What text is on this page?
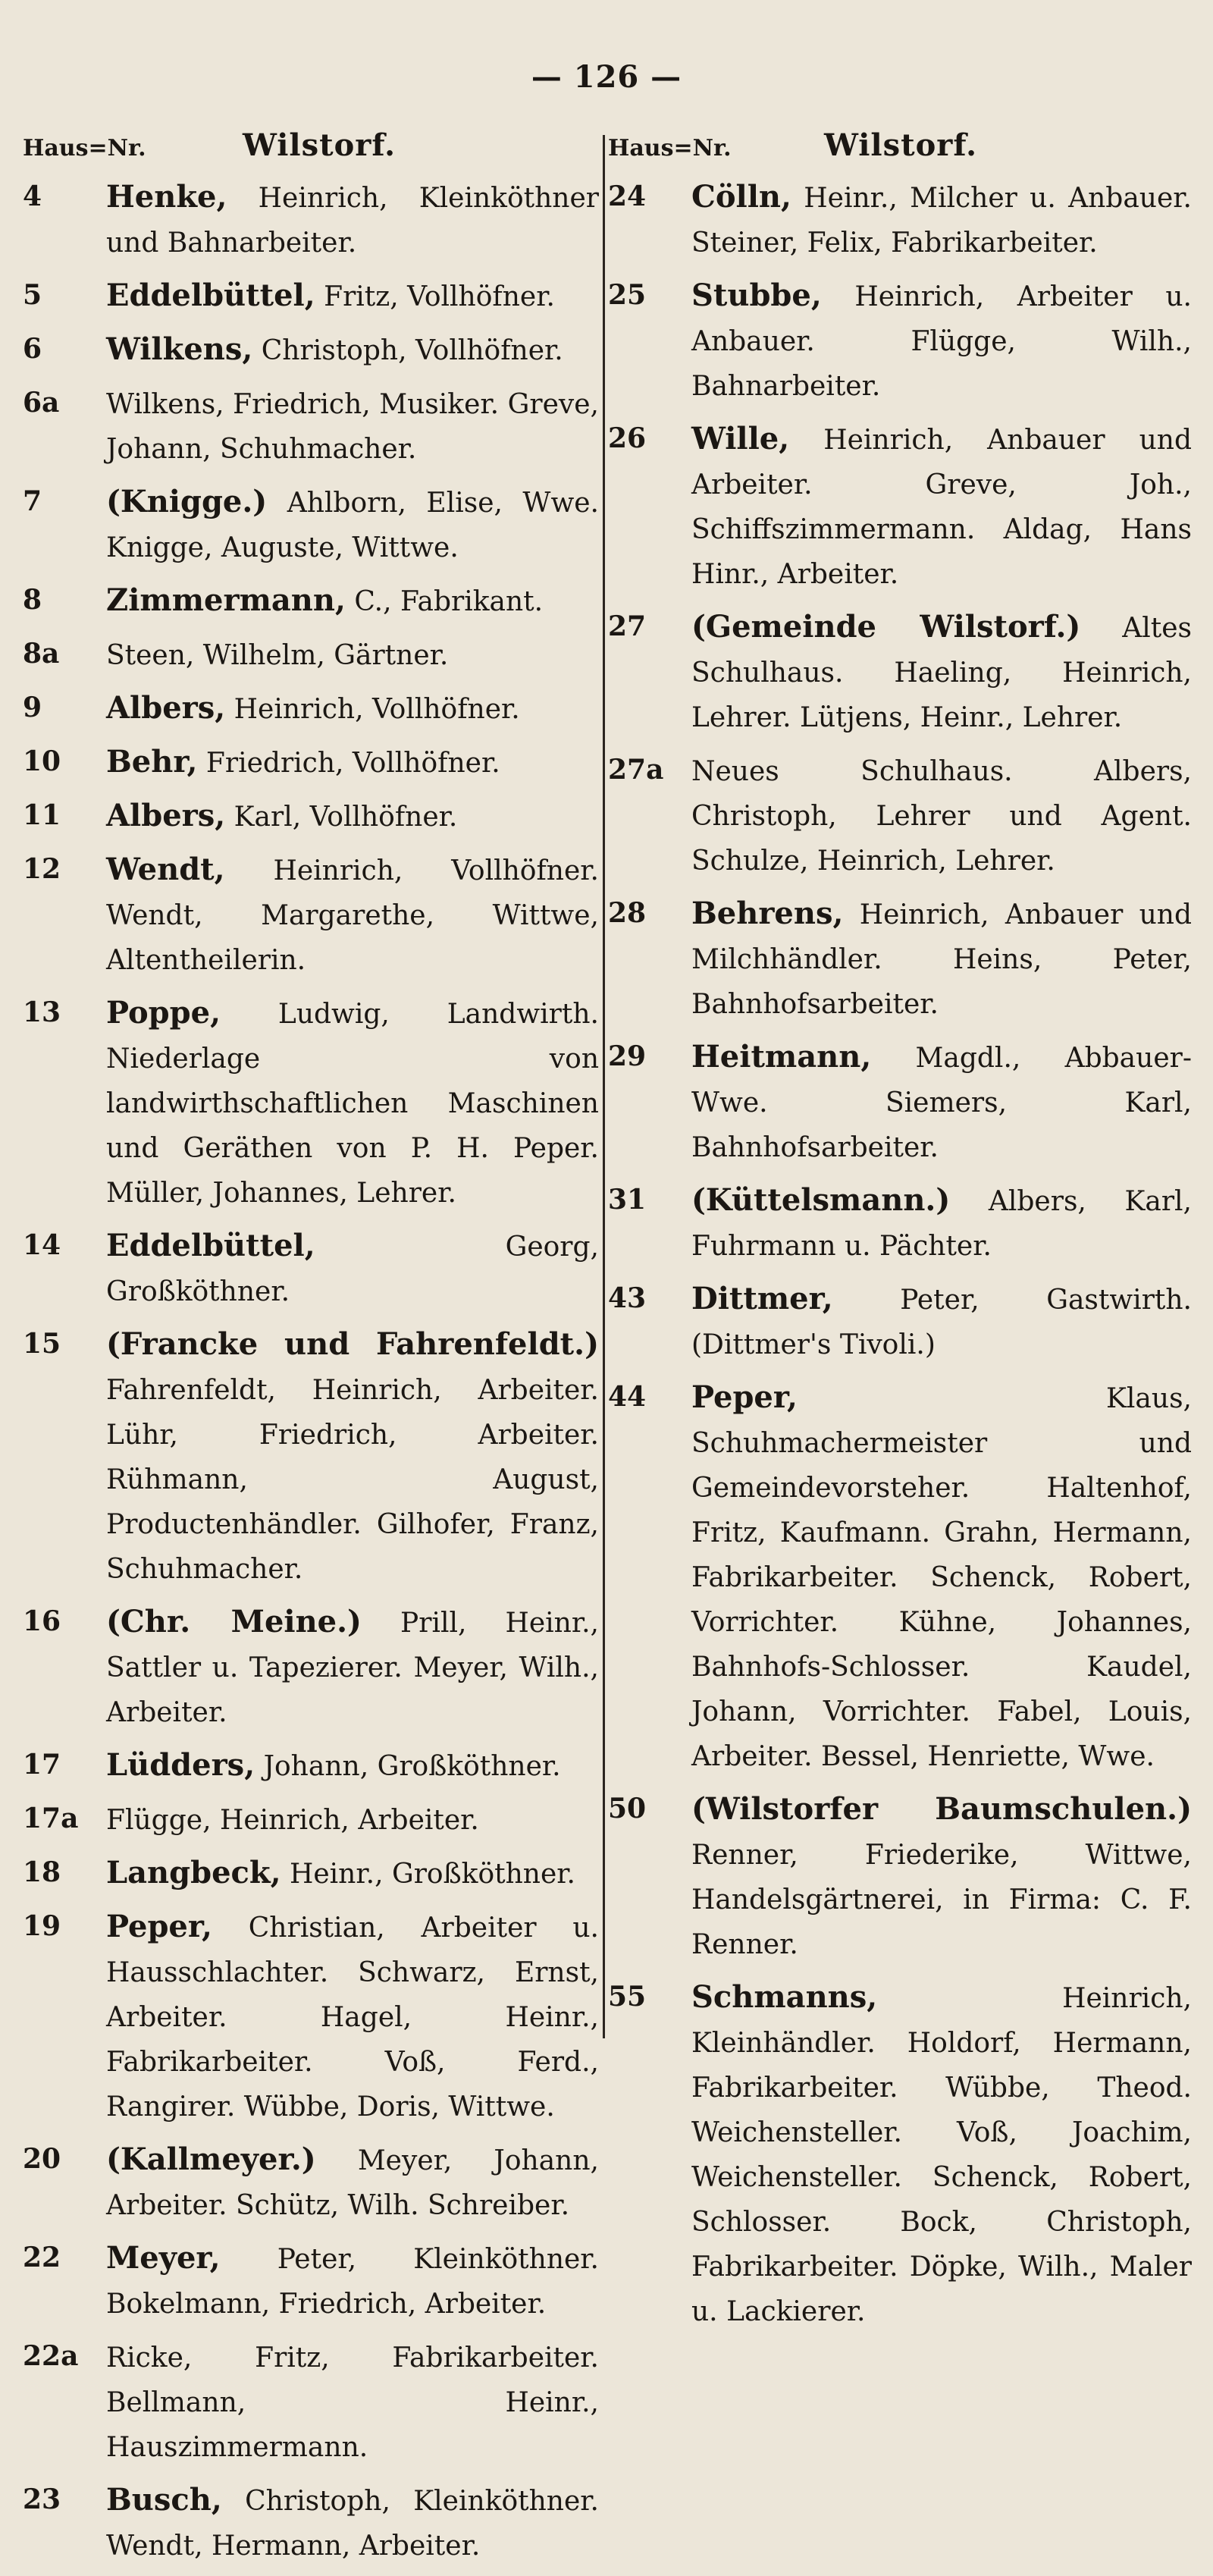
— 126 —
Haus=Nr.	Wilstorf.
4	Henke, Heinrich, Kleinköthner und Bahnarbeiter.
5	Eddelbüttel, Fritz, Vollhöfner.
6	Wilkens, Christoph, Vollhöfner.
6a	Wilkens, Friedrich, Musiker. Greve, Johann, Schuhmacher.
7	(Knigge.) Ahlborn, Elise, Wwe. Knigge, Auguste, Wittwe.
8	Zimmermann, C., Fabrikant.
8a	Steen, Wilhelm, Gärtner.
9	Albers, Heinrich, Vollhöfner.
10	Behr, Friedrich, Vollhöfner.
11	Albers, Karl, Vollhöfner.
12	Wendt, Heinrich, Vollhöfner. Wendt, Margarethe, Wittwe, Altentheilerin.
13	Poppe, Ludwig, Landwirth. Niederlage von landwirthschaftlichen Maschinen und Geräthen von P. H. Peper. Müller, Johannes, Lehrer.
14	Eddelbüttel,	Georg, Großköthner.
15	(Francke und Fahrenfeldt.) Fahrenfeldt, Heinrich, Arbeiter. Lühr, Friedrich, Arbeiter. Rühmann, August, Productenhändler. Gilhofer, Franz, Schuhmacher.
16	(Chr. Meine.) Prill, Heinr., Sattler u. Tapezierer. Meyer, Wilh., Arbeiter.
17	Lüdders, Johann, Großköthner.
17a	Flügge, Heinrich, Arbeiter.
18	Langbeck, Heinr., Großköthner.
19	Peper, Christian, Arbeiter u. Hausschlachter. Schwarz, Ernst, Arbeiter. Hagel, Heinr., Fabrikarbeiter. Voß, Ferd., Rangirer. Wübbe, Doris, Wittwe.
20	(Kallmeyer.) Meyer, Johann, Arbeiter. Schütz, Wilh. Schreiber.
22	Meyer, Peter, Kleinköthner. Bokelmann, Friedrich, Arbeiter.
22a	Ricke, Fritz, Fabrikarbeiter. Bellmann, Heinr., Hauszimmermann.
23	Busch, Christoph, Kleinköthner. Wendt, Hermann, Arbeiter.
Haus=Nr.	Wilstorf.
24	Cölln, Heinr., Milcher u. Anbauer. Steiner, Felix, Fabrikarbeiter.
25	Stubbe, Heinrich, Arbeiter u. Anbauer. Flügge, Wilh., Bahnarbeiter.
26	Wille, Heinrich, Anbauer und Arbeiter. Greve, Joh., Schiffszimmermann. Aldag, Hans Hinr., Arbeiter.
27	(Gemeinde Wilstorf.) Altes Schulhaus. Haeling, Heinrich, Lehrer. Lütjens, Heinr., Lehrer.
27a	Neues Schulhaus. Albers, Christoph, Lehrer und Agent. Schulze, Heinrich, Lehrer.
28	Behrens, Heinrich, Anbauer und Milchhändler. Heins, Peter, Bahnhofsarbeiter.
29	Heitmann, Magdl., Abbauer-Wwe. Siemers, Karl, Bahnhofsarbeiter.
31	(Küttelsmann.) Albers, Karl, Fuhrmann u. Pächter.
43	Dittmer, Peter, Gastwirth. (Dittmer's Tivoli.)
44	Peper,	Klaus, Schuhmachermeister und Gemeindevorsteher. Haltenhof, Fritz, Kaufmann. Grahn, Hermann, Fabrikarbeiter. Schenck, Robert, Vorrichter. Kühne, Johannes, Bahnhofs-Schlosser. Kaudel, Johann, Vorrichter. Fabel, Louis, Arbeiter. Bessel, Henriette, Wwe.
50	(Wilstorfer Baumschulen.) Renner, Friederike, Wittwe, Handelsgärtnerei, in Firma: C. F. Renner.
55	Schmanns,	Heinrich, Kleinhändler. Holdorf, Hermann, Fabrikarbeiter. Wübbe, Theod. Weichensteller. Voß, Joachim, Weichensteller. Schenck, Robert, Schlosser. Bock, Christoph, Fabrikarbeiter. Döpke, Wilh., Maler u. Lackierer.
